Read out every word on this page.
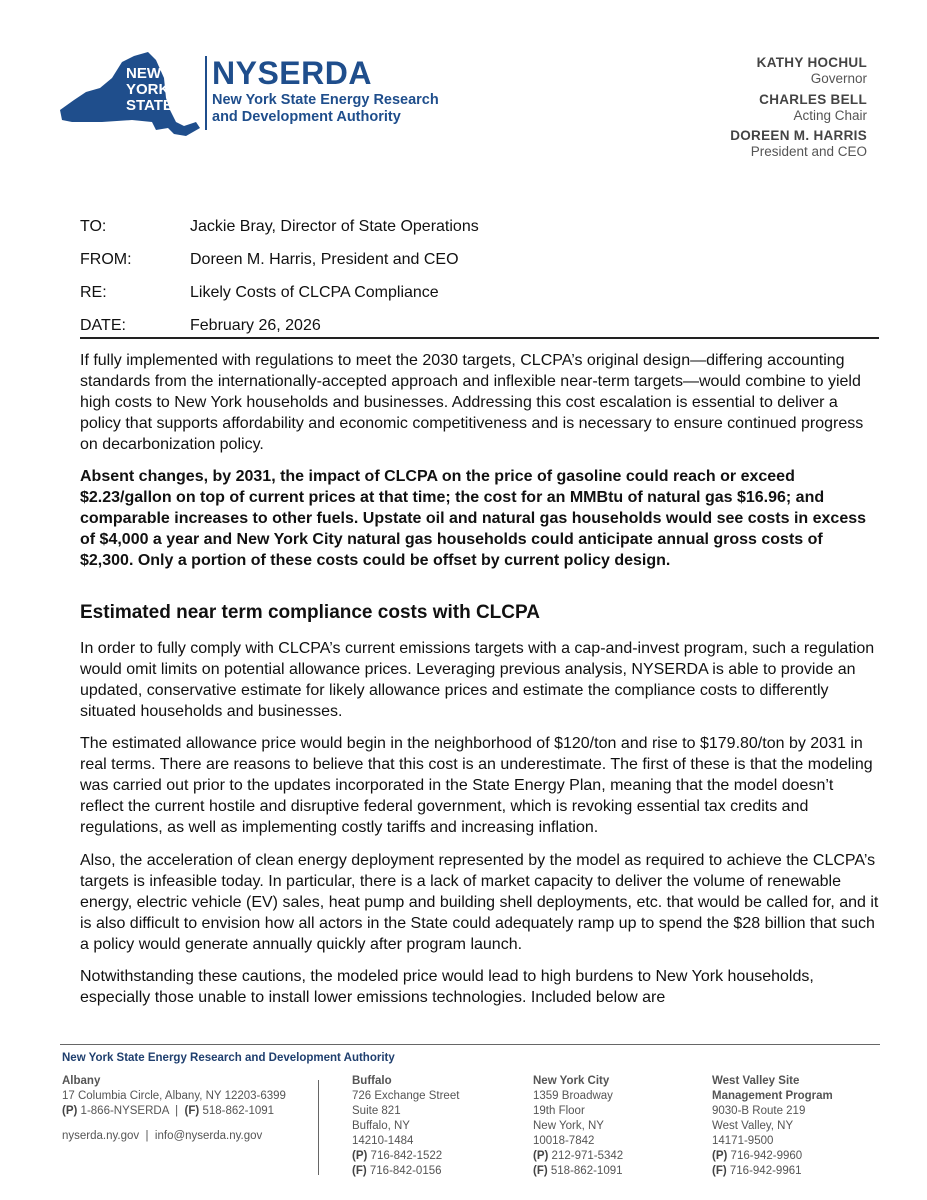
NEW
YORK
STATE
NYSERDA
New York State Energy Research
and Development Authority
KATHY HOCHUL
Governor
CHARLES BELL
Acting Chair
DOREEN M. HARRIS
President and CEO
TO:	Jackie Bray, Director of State Operations
FROM:	Doreen M. Harris, President and CEO
RE:	Likely Costs of CLCPA Compliance
DATE:	February 26, 2026

If fully implemented with regulations to meet the 2030 targets, CLCPA’s original design—differing accounting standards from the internationally-accepted approach and inflexible near-term targets—would combine to yield high costs to New York households and businesses. Addressing this cost escalation is essential to deliver a policy that supports affordability and economic competitiveness and is necessary to ensure continued progress on decarbonization policy.

Absent changes, by 2031, the impact of CLCPA on the price of gasoline could reach or exceed $2.23/gallon on top of current prices at that time; the cost for an MMBtu of natural gas $16.96; and comparable increases to other fuels. Upstate oil and natural gas households would see costs in excess of $4,000 a year and New York City natural gas households could anticipate annual gross costs of $2,300. Only a portion of these costs could be offset by current policy design.

Estimated near term compliance costs with CLCPA

In order to fully comply with CLCPA’s current emissions targets with a cap-and-invest program, such a regulation would omit limits on potential allowance prices. Leveraging previous analysis, NYSERDA is able to provide an updated, conservative estimate for likely allowance prices and estimate the compliance costs to differently situated households and businesses.

The estimated allowance price would begin in the neighborhood of $120/ton and rise to $179.80/ton by 2031 in real terms. There are reasons to believe that this cost is an underestimate. The first of these is that the modeling was carried out prior to the updates incorporated in the State Energy Plan, meaning that the model doesn’t reflect the current hostile and disruptive federal government, which is revoking essential tax credits and regulations, as well as implementing costly tariffs and increasing inflation.

Also, the acceleration of clean energy deployment represented by the model as required to achieve the CLCPA’s targets is infeasible today. In particular, there is a lack of market capacity to deliver the volume of renewable energy, electric vehicle (EV) sales, heat pump and building shell deployments, etc. that would be called for, and it is also difficult to envision how all actors in the State could adequately ramp up to spend the $28 billion that such a policy would generate annually quickly after program launch.

Notwithstanding these cautions, the modeled price would lead to high burdens to New York households, especially those unable to install lower emissions technologies. Included below are

New York State Energy Research and Development Authority
Albany
17 Columbia Circle, Albany, NY 12203-6399
(P) 1-866-NYSERDA | (F) 518-862-1091
nyserda.ny.gov | info@nyserda.ny.gov
Buffalo
726 Exchange Street
Suite 821
Buffalo, NY
14210-1484
(P) 716-842-1522
(F) 716-842-0156
New York City
1359 Broadway
19th Floor
New York, NY
10018-7842
(P) 212-971-5342
(F) 518-862-1091
West Valley Site
Management Program
9030-B Route 219
West Valley, NY
14171-9500
(P) 716-942-9960
(F) 716-942-9961
